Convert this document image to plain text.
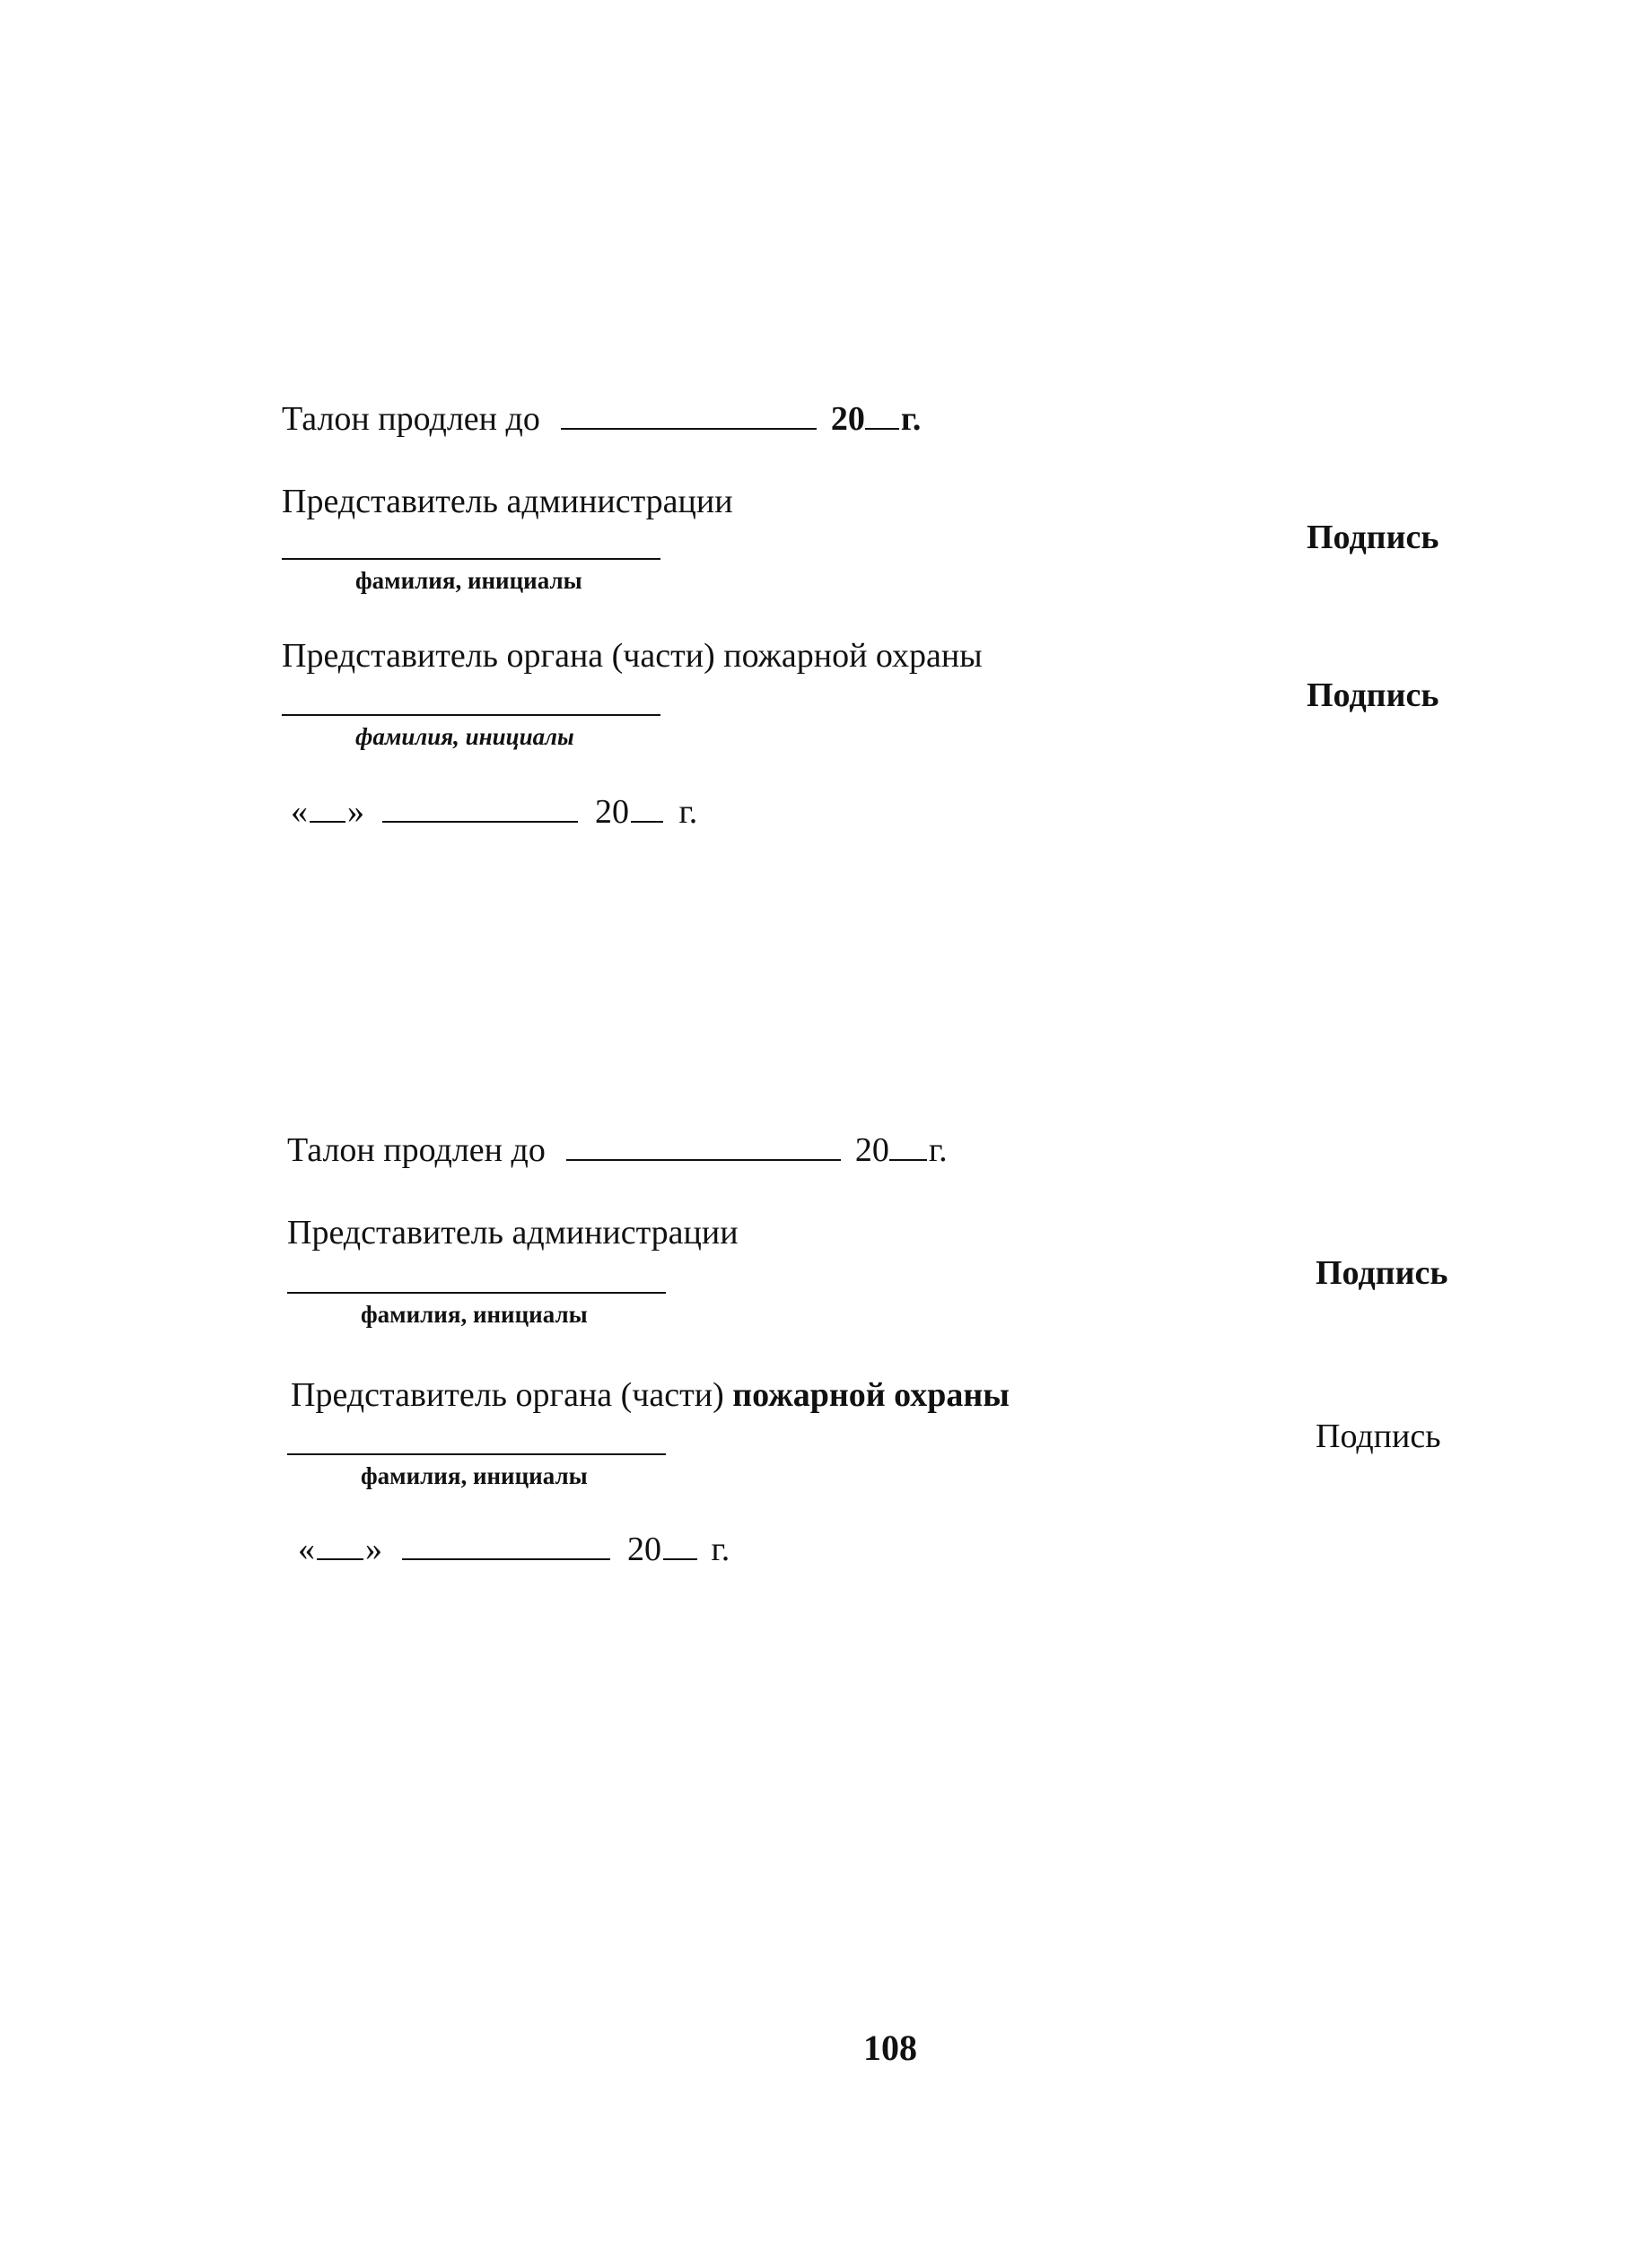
Талон продлен до	20 г.
Представитель администрации
фамилия, инициалы
Подпись
Представитель органа (части) пожарной охраны
фамилия, инициалы
Подпись
« »	20 г.
Талон продлен до	20 г.
Представитель администрации
фамилия, инициалы
Подпись
Представитель органа (части) пожарной охраны
фамилия, инициалы
Подпись
« »	20 г.
108
